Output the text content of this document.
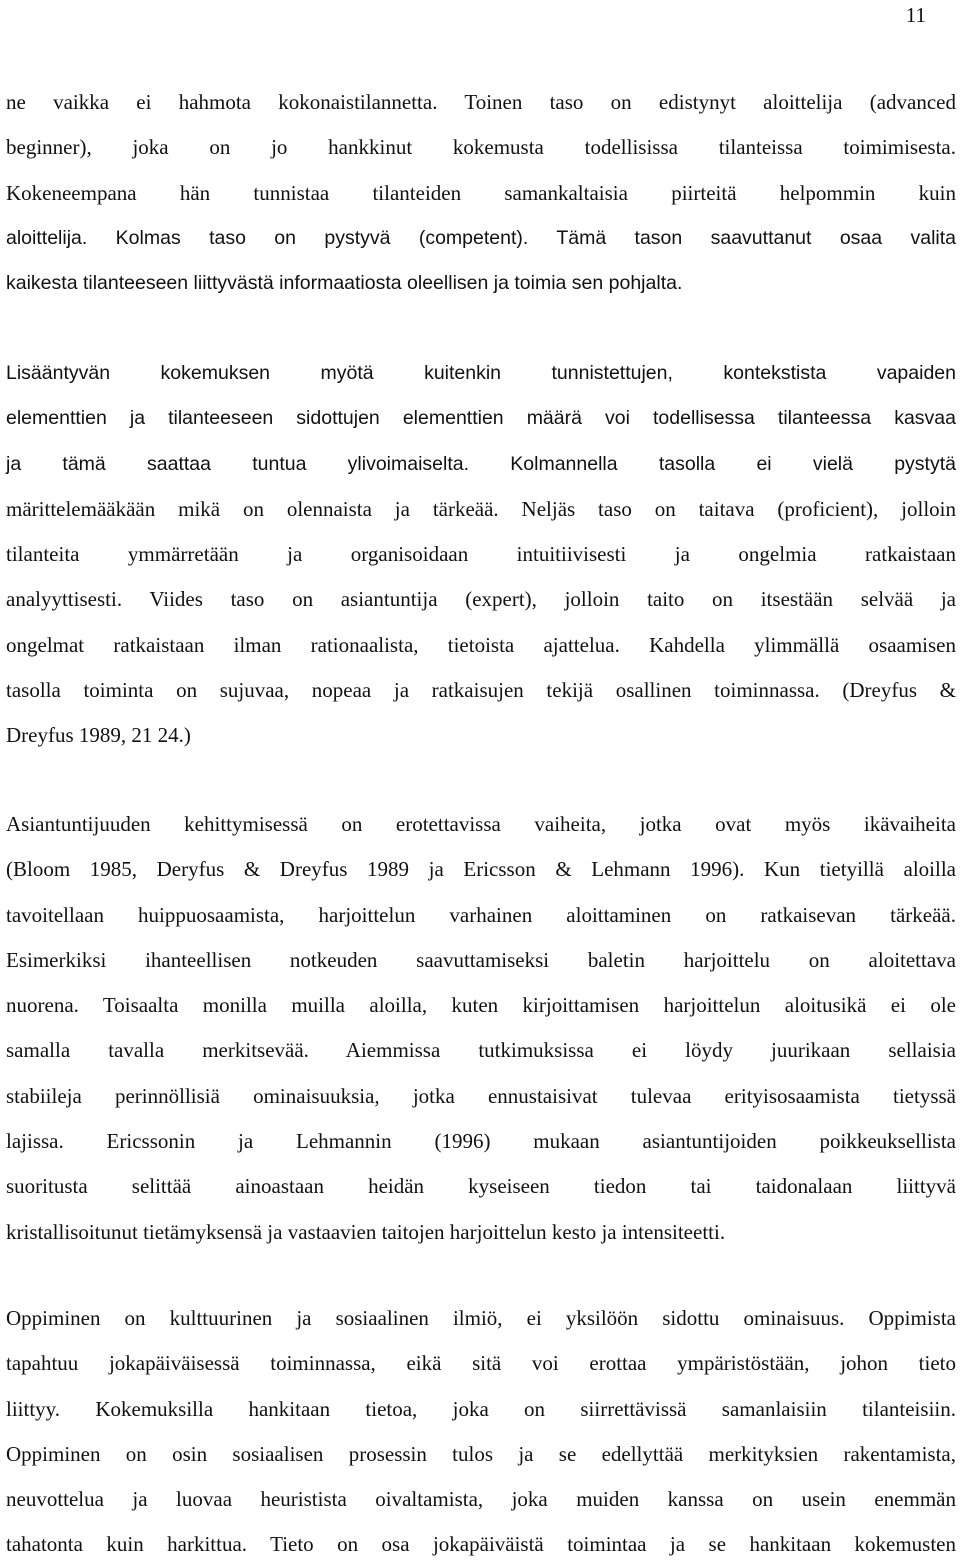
11
ne vaikka ei hahmota kokonaistilannetta. Toinen taso on edistynyt aloittelija (advanced
beginner), joka on jo hankkinut kokemusta todellisissa tilanteissa toimimisesta.
Kokeneempana hän tunnistaa tilanteiden samankaltaisia piirteitä helpommin kuin
aloittelija. Kolmas taso on pystyvä (competent). Tämä tason saavuttanut osaa valita
kaikesta tilanteeseen liittyvästä informaatiosta oleellisen ja toimia sen pohjalta.
Lisääntyvän kokemuksen myötä kuitenkin tunnistettujen, kontekstista vapaiden
elementtien ja tilanteeseen sidottujen elementtien määrä voi todellisessa tilanteessa kasvaa
ja tämä saattaa tuntua ylivoimaiselta. Kolmannella tasolla ei vielä pystytä
märittelemääkään mikä on olennaista ja tärkeää. Neljäs taso on taitava (proficient), jolloin
tilanteita ymmärretään ja organisoidaan intuitiivisesti ja ongelmia ratkaistaan
analyyttisesti. Viides taso on asiantuntija (expert), jolloin taito on itsestään selvää ja
ongelmat ratkaistaan ilman rationaalista, tietoista ajattelua. Kahdella ylimmällä osaamisen
tasolla toiminta on sujuvaa, nopeaa ja ratkaisujen tekijä osallinen toiminnassa. (Dreyfus &
Dreyfus 1989, 21 24.)
Asiantuntijuuden kehittymisessä on erotettavissa vaiheita, jotka ovat myös ikävaiheita
(Bloom 1985, Deryfus & Dreyfus 1989 ja Ericsson & Lehmann 1996). Kun tietyillä aloilla
tavoitellaan huippuosaamista, harjoittelun varhainen aloittaminen on ratkaisevan tärkeää.
Esimerkiksi ihanteellisen notkeuden saavuttamiseksi baletin harjoittelu on aloitettava
nuorena. Toisaalta monilla muilla aloilla, kuten kirjoittamisen harjoittelun aloitusikä ei ole
samalla tavalla merkitsevää. Aiemmissa tutkimuksissa ei löydy juurikaan sellaisia
stabiileja perinnöllisiä ominaisuuksia, jotka ennustaisivat tulevaa erityisosaamista tietyssä
lajissa. Ericssonin ja Lehmannin (1996) mukaan asiantuntijoiden poikkeuksellista
suoritusta selittää ainoastaan heidän kyseiseen tiedon tai taidonalaan liittyvä
kristallisoitunut tietämyksensä ja vastaavien taitojen harjoittelun kesto ja intensiteetti.
Oppiminen on kulttuurinen ja sosiaalinen ilmiö, ei yksilöön sidottu ominaisuus. Oppimista
tapahtuu jokapäiväisessä toiminnassa, eikä sitä voi erottaa ympäristöstään, johon tieto
liittyy. Kokemuksilla hankitaan tietoa, joka on siirrettävissä samanlaisiin tilanteisiin.
Oppiminen on osin sosiaalisen prosessin tulos ja se edellyttää merkityksien rakentamista,
neuvottelua ja luovaa heuristista oivaltamista, joka muiden kanssa on usein enemmän
tahatonta kuin harkittua. Tieto on osa jokapäiväistä toimintaa ja se hankitaan kokemusten
